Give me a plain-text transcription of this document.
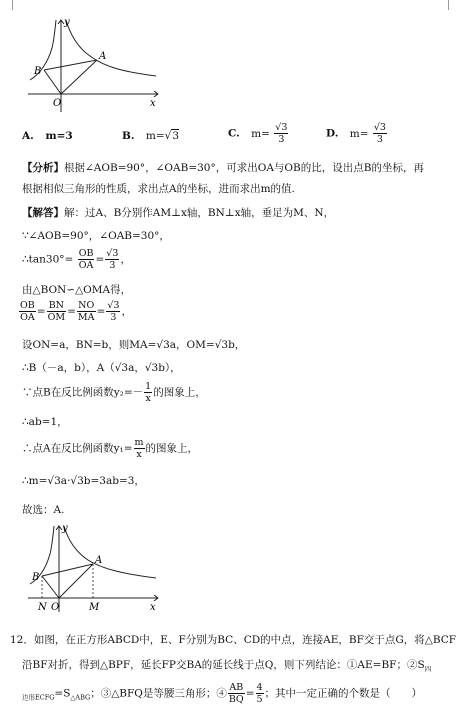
y
x
O
A
B
A. m=3	B. m=√3	C. $m= \frac{√3}{3}$	D. $m= \frac{√3}{3}$
【分析】根据∠AOB=90°，∠OAB=30°，可求出OA与OB的比，设出点B的坐标，再
根据相似三角形的性质，求出点A的坐标，进而求出m的值.
【解答】解：过A、B分别作AM⊥x轴，BN⊥x轴，垂足为M、N，
∵∠AOB=90°，∠OAB=30°，
∴tan30°= $\frac{OB}{OA} = \frac{√3}{3}$ ，
由△BON∽△OMA得，
$\frac{OB}{OA} = \frac{BN}{OM} = \frac{NO}{MA} = \frac{√3}{3}$ ，
设ON=a，BN=b，则MA=√3a，OM=√3b，
∴B（－a，b），A（√3a，√3b），
∵点B在反比例函数$y_2=- \frac{1}{x}$ 的图象上，
∴ab=1，
∴点A在反比例函数$y_1= \frac{m}{x}$ 的图象上，
∴m=√3a·√3b=3ab=3，
故选：A.
y
x
O
A
B
N	M
12．如图，在正方形ABCD中，E、F分别为BC、CD的中点，连接AE，BF交于点G，将△BCF
沿BF对折，得到△BPF，延长FP交BA的延长线于点Q，则下列结论：①AE=BF；$②S_四$
$_{边形ECFG}=S_{\triangle ABG}$；③△BFQ是等腰三角形；④ $\frac{AB}{BQ} = \frac{4}{5}$ ；其中一定正确的个数是（　　）
